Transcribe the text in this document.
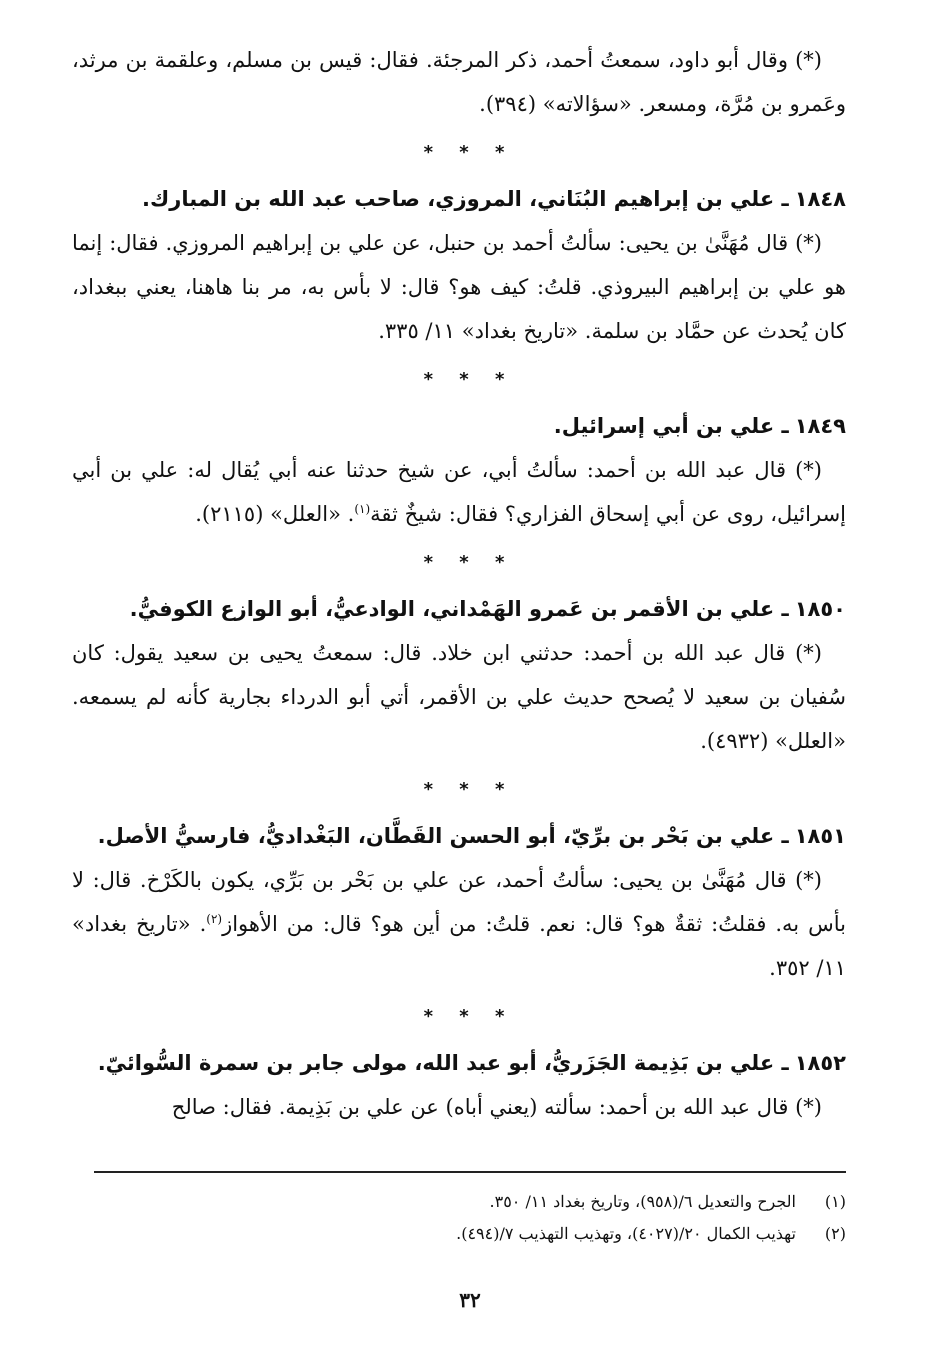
(*) وقال أبو داود، سمعتُ أحمد، ذكر المرجئة. فقال: قيس بن مسلم، وعلقمة بن مرثد، وعَمرو بن مُرَّة، ومسعر. «سؤالاته» (٣٩٤).

* * *
١٨٤٨ـ علي بن إبراهيم البُنَاني، المروزي، صاحب عبد الله بن المبارك.

(*) قال مُهَنَّىٰ بن يحيى: سألتُ أحمد بن حنبل، عن علي بن إبراهيم المروزي. فقال: إنما هو علي بن إبراهيم البيروذي. قلتُ: كيف هو؟ قال: لا بأس به، مر بنا هاهنا، يعني ببغداد، كان يُحدث عن حمَّاد بن سلمة. «تاريخ بغداد» ١١/ ٣٣٥.

* * *
١٨٤٩ـ علي بن أبي إسرائيل.

(*) قال عبد الله بن أحمد: سألتُ أبي، عن شيخ حدثنا عنه أبي يُقال له: علي بن أبي إسرائيل، روى عن أبي إسحاق الفزاري؟ فقال: شيخٌ ثقة$^{(١)}$. «العلل» (٢١١٥).

* * *
١٨٥٠ـ علي بن الأقمر بن عَمرو الهَمْداني، الوادعيُّ، أبو الوازع الكوفيُّ.

(*) قال عبد الله بن أحمد: حدثني ابن خلاد. قال: سمعتُ يحيى بن سعيد يقول: كان سُفيان بن سعيد لا يُصحح حديث علي بن الأقمر، أتي أبو الدرداء بجارية كأنه لم يسمعه. «العلل» (٤٩٣٢).

* * *
١٨٥١ـ علي بن بَحْر بن برِّيّ، أبو الحسن القَطَّان، البَغْداديُّ، فارسيُّ الأصل.

(*) قال مُهَنَّىٰ بن يحيى: سألتُ أحمد، عن علي بن بَحْر بن بَرِّي، يكون بالكَرْخ. قال: لا بأس به. فقلتُ: ثقةٌ هو؟ قال: نعم. قلتُ: من أين هو؟ قال: من الأهواز$^{(٢)}$. «تاريخ بغداد» ١١/ ٣٥٢.

* * *
١٨٥٢ـ علي بن بَذِيمة الجَزَريُّ، أبو عبد الله، مولى جابر بن سمرة السُّوائيّ.

(*) قال عبد الله بن أحمد: سألته (يعني أباه) عن علي بن بَذِيمة. فقال: صالح

(١)
الجرح والتعديل ٦/(٩٥٨)، وتاريخ بغداد ١١/ ٣٥٠.
(٢)
تهذيب الكمال ٢٠/(٤٠٢٧)، وتهذيب التهذيب ٧/(٤٩٤).
٣٢
